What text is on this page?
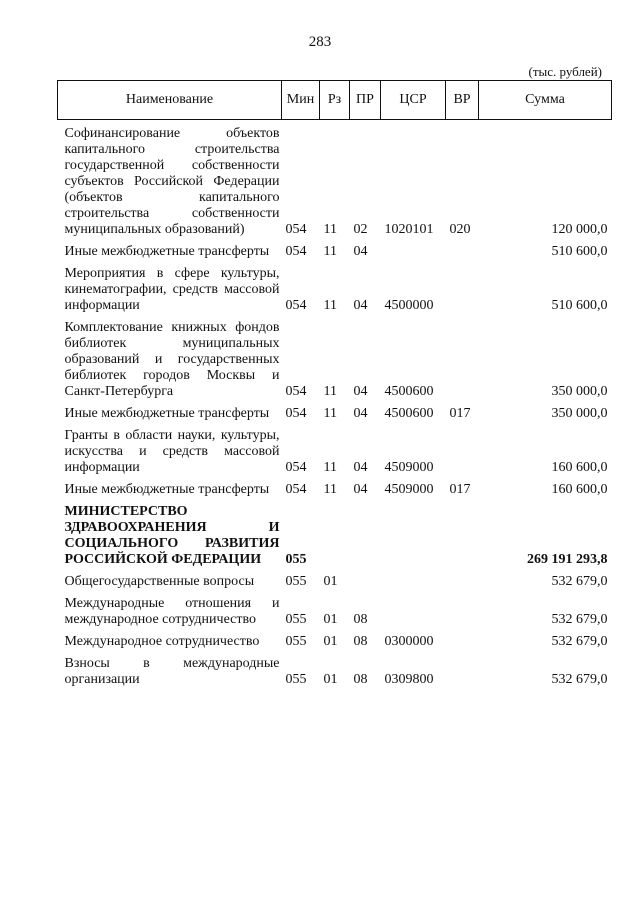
283
(тыс. рублей)
Наименование	Мин	Рз	ПР	ЦСР	ВР	Сумма

Софинансирование объектов капитального строительства государственной собственности субъектов Российской Федерации (объектов капитального строительства собственности муниципальных образований)	054	11	02	1020101	020	120 000,0

Иные межбюджетные трансферты	054	11	04			510 600,0

Мероприятия в сфере культуры, кинематографии, средств массовой информации	054	11	04	4500000		510 600,0

Комплектование книжных фондов библиотек муниципальных образований и государственных библиотек городов Москвы и Санкт-Петербурга	054	11	04	4500600		350 000,0

Иные межбюджетные трансферты	054	11	04	4500600	017	350 000,0

Гранты в области науки, культуры, искусства и средств массовой информации	054	11	04	4509000		160 600,0

Иные межбюджетные трансферты	054	11	04	4509000	017	160 600,0

МИНИСТЕРСТВО ЗДРАВООХРАНЕНИЯ И СОЦИАЛЬНОГО РАЗВИТИЯ РОССИЙСКОЙ ФЕДЕРАЦИИ	055					269 191 293,8

Общегосударственные вопросы	055	01				532 679,0

Международные отношения и международное сотрудничество	055	01	08			532 679,0

Международное сотрудничество	055	01	08	0300000		532 679,0

Взносы в международные организации	055	01	08	0309800		532 679,0
